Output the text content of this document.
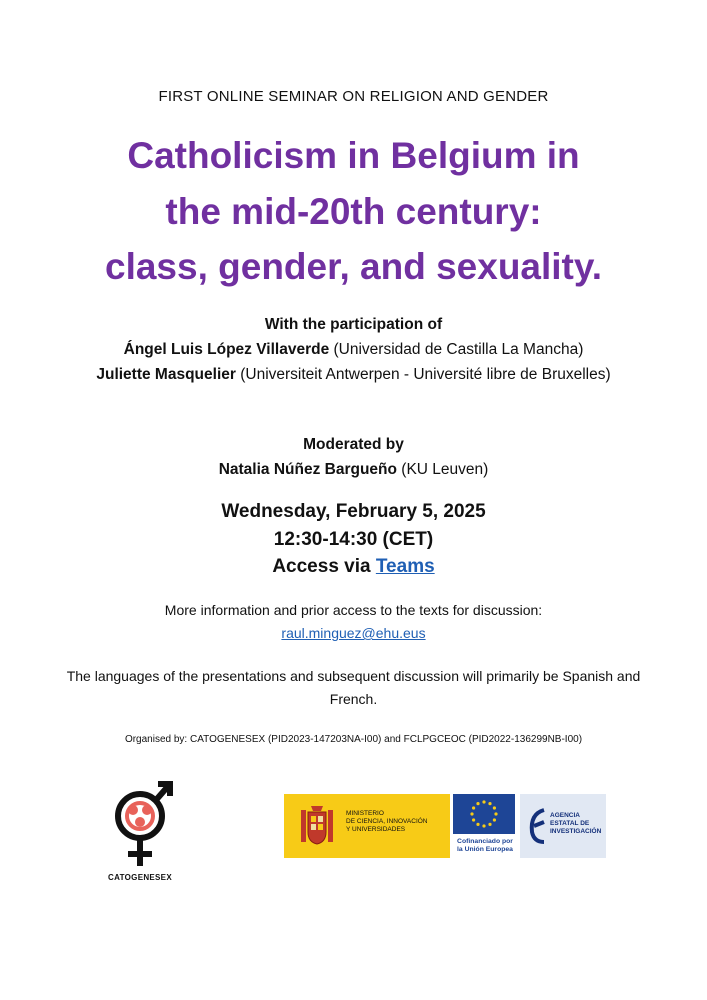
FIRST ONLINE SEMINAR ON RELIGION AND GENDER
Catholicism in Belgium in
the mid-20th century:
class, gender, and sexuality.
With the participation of
Ángel Luis López Villaverde (Universidad de Castilla La Mancha)
Juliette Masquelier (Universiteit Antwerpen - Université libre de Bruxelles)
Moderated by
Natalia Núñez Bargueño (KU Leuven)
Wednesday, February 5, 2025
12:30-14:30 (CET)
Access via Teams
More information and prior access to the texts for discussion:
raul.minguez@ehu.eus
The languages of the presentations and subsequent discussion will primarily be Spanish and French.
Organised by: CATOGENESEX (PID2023-147203NA-I00) and FCLPGCEOC (PID2022-136299NB-I00)
CATOGENESEX
MINISTERIO
DE CIENCIA, INNOVACIÓN
Y UNIVERSIDADES
Cofinanciado por
la Unión Europea
AGENCIA
ESTATAL DE
INVESTIGACIÓN
